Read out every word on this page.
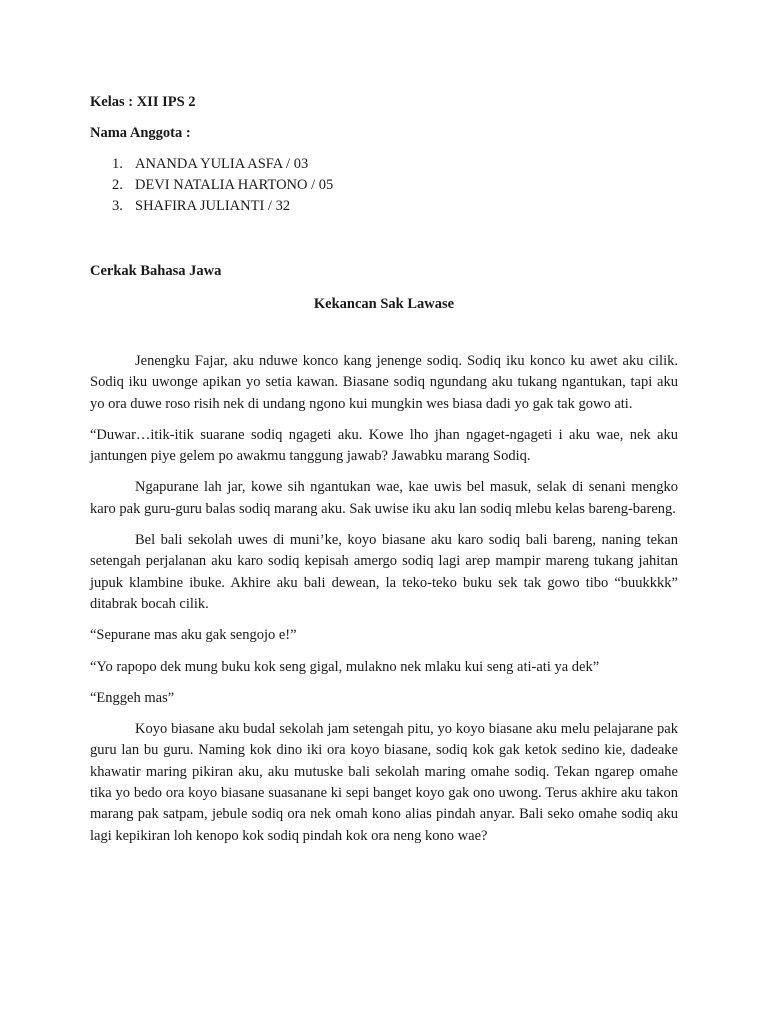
Kelas : XII IPS 2

Nama Anggota :

1. ANANDA YULIA ASFA / 03
2. DEVI NATALIA HARTONO / 05
3. SHAFIRA JULIANTI / 32

Cerkak Bahasa Jawa

Kekancan Sak Lawase

Jenengku Fajar, aku nduwe konco kang jenenge sodiq. Sodiq iku konco ku awet aku cilik. Sodiq iku uwonge apikan yo setia kawan. Biasane sodiq ngundang aku tukang ngantukan, tapi aku yo ora duwe roso risih nek di undang ngono kui mungkin wes biasa dadi yo gak tak gowo ati.

“Duwar…itik-itik suarane sodiq ngageti aku. Kowe lho jhan ngaget-ngageti i aku wae, nek aku jantungen piye gelem po awakmu tanggung jawab? Jawabku marang Sodiq.

Ngapurane lah jar, kowe sih ngantukan wae, kae uwis bel masuk, selak di senani mengko karo pak guru-guru balas sodiq marang aku. Sak uwise iku aku lan sodiq mlebu kelas bareng-bareng.

Bel bali sekolah uwes di muni’ke, koyo biasane aku karo sodiq bali bareng, naning tekan setengah perjalanan aku karo sodiq kepisah amergo sodiq lagi arep mampir mareng tukang jahitan jupuk klambine ibuke. Akhire aku bali dewean, la teko-teko buku sek tak gowo tibo “buukkkk” ditabrak bocah cilik.

“Sepurane mas aku gak sengojo e!”

“Yo rapopo dek mung buku kok seng gigal, mulakno nek mlaku kui seng ati-ati ya dek”

“Enggeh mas”

Koyo biasane aku budal sekolah jam setengah pitu, yo koyo biasane aku melu pelajarane pak guru lan bu guru. Naming kok dino iki ora koyo biasane, sodiq kok gak ketok sedino kie, dadeake khawatir maring pikiran aku, aku mutuske bali sekolah maring omahe sodiq. Tekan ngarep omahe tika yo bedo ora koyo biasane suasanane ki sepi banget koyo gak ono uwong. Terus akhire aku takon marang pak satpam, jebule sodiq ora nek omah kono alias pindah anyar. Bali seko omahe sodiq aku lagi kepikiran loh kenopo kok sodiq pindah kok ora neng kono wae?
